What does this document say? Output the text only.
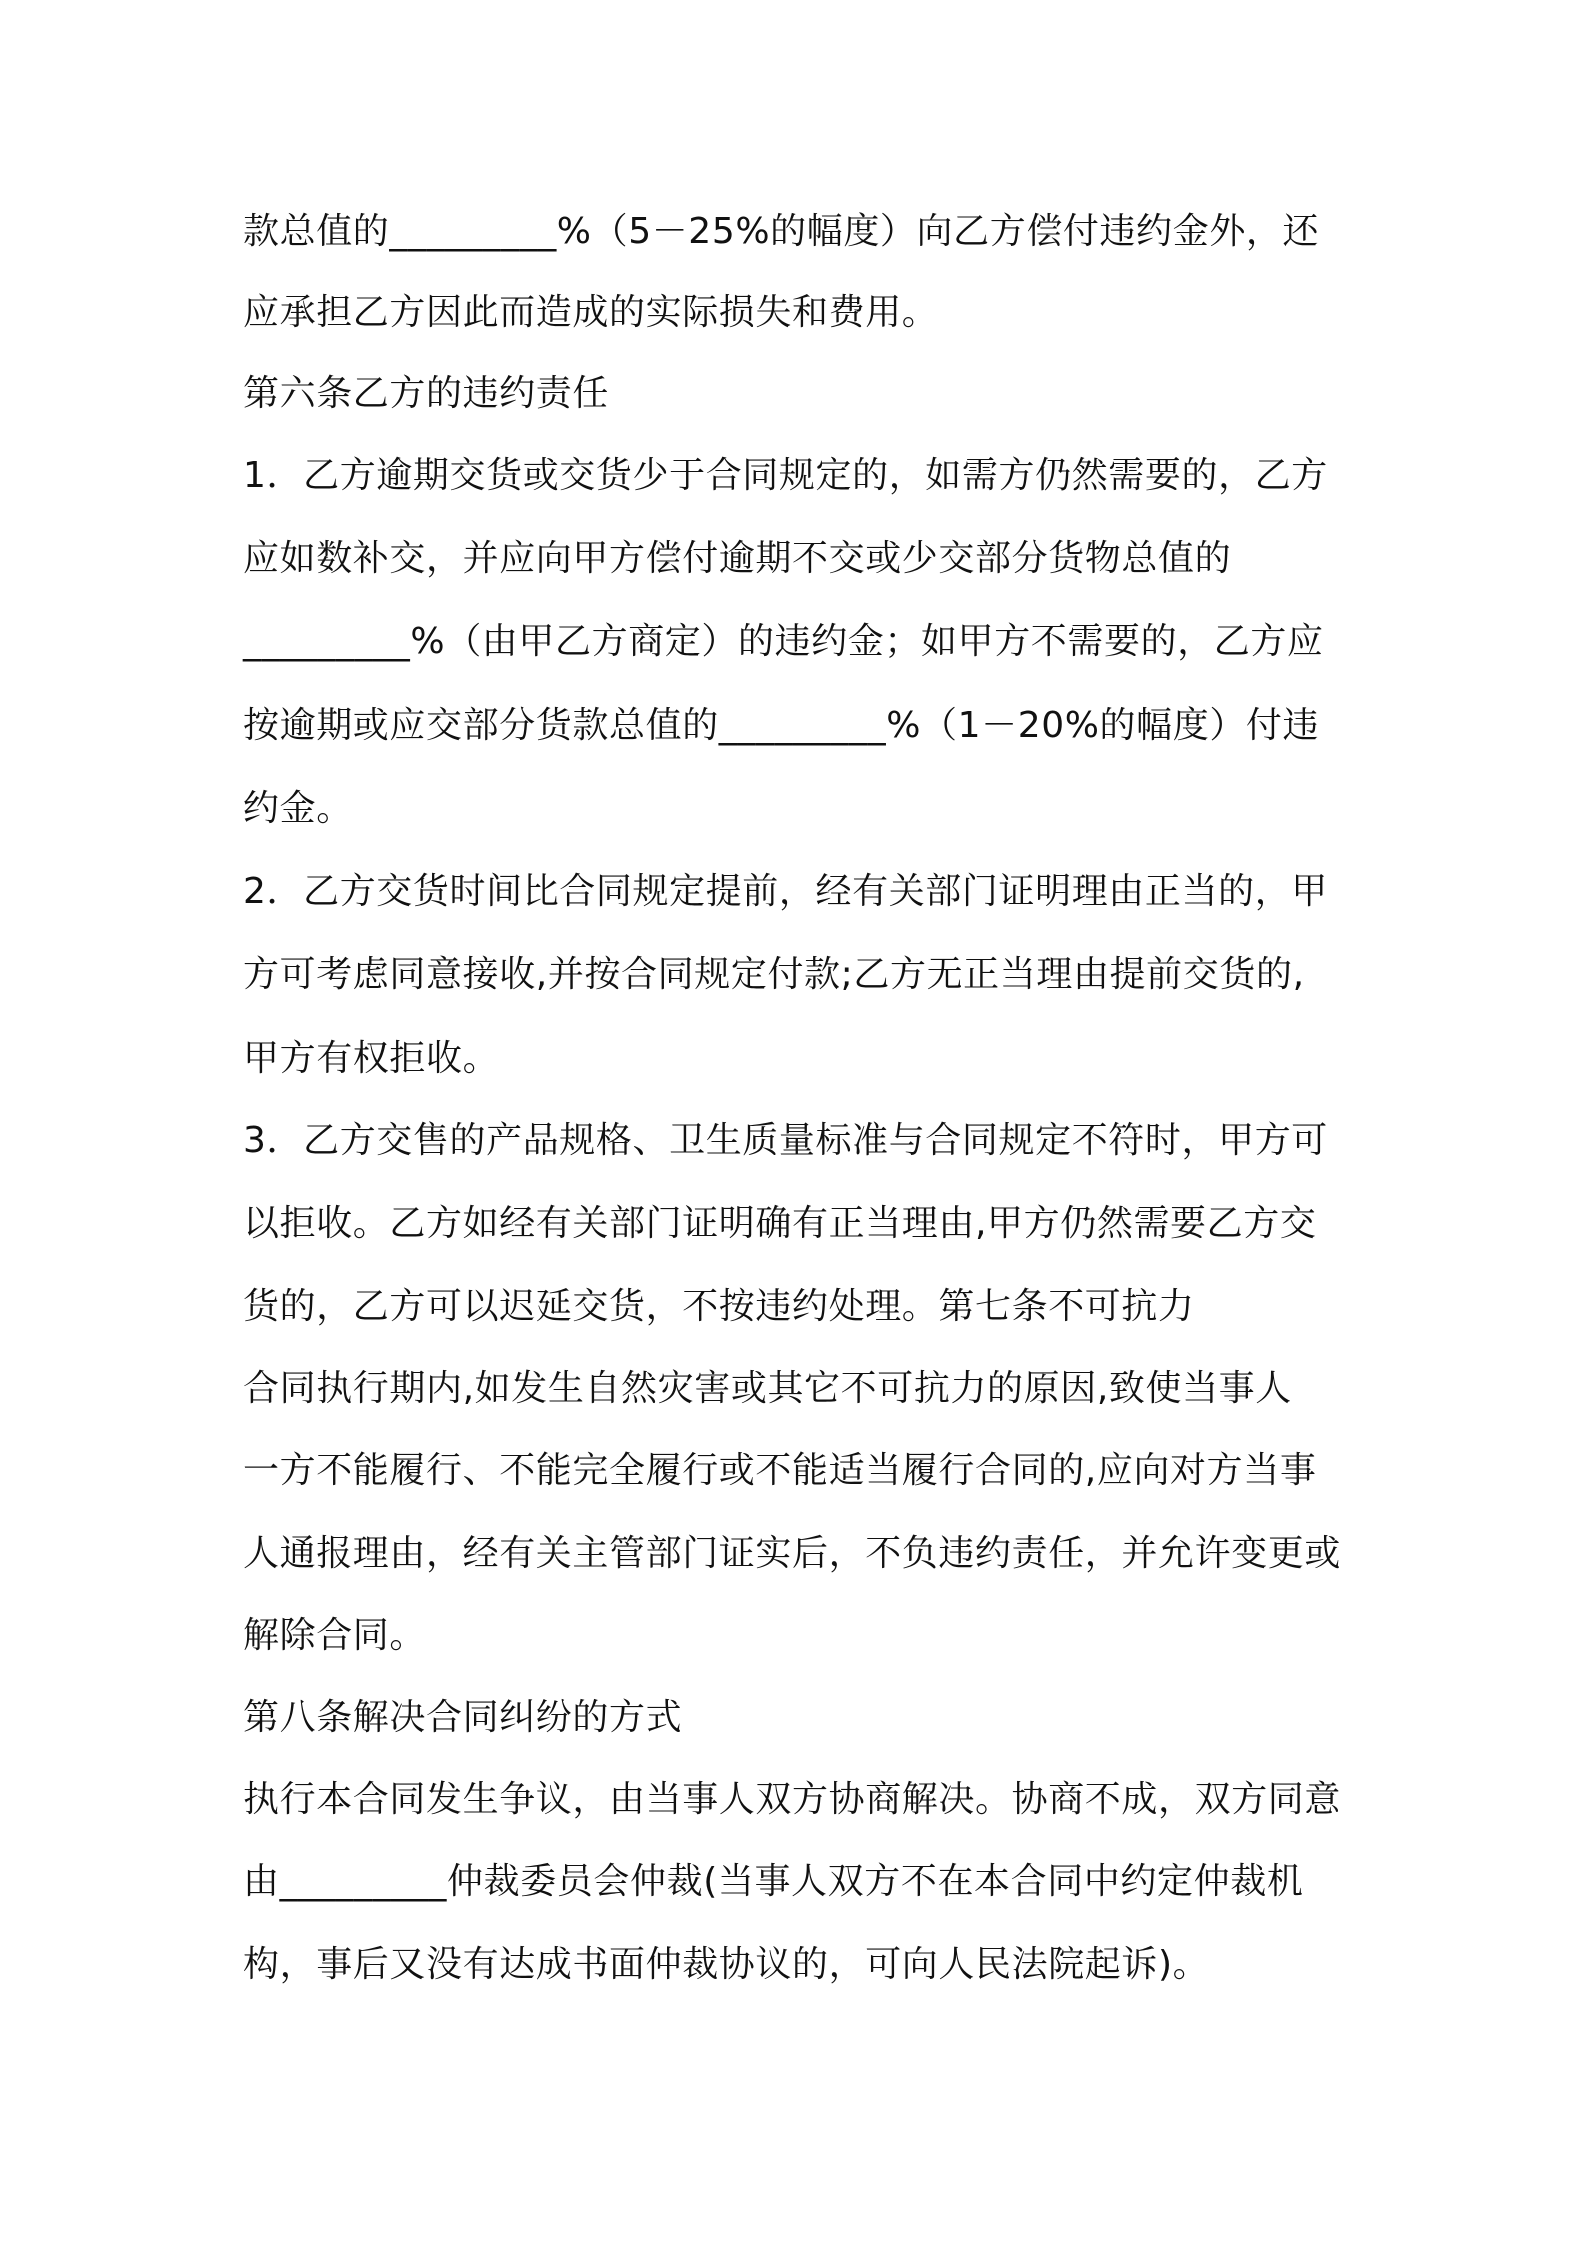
款总值的_________%（5－25%的幅度）向乙方偿付违约金外，还
应承担乙方因此而造成的实际损失和费用。
第六条乙方的违约责任
1．乙方逾期交货或交货少于合同规定的，如需方仍然需要的，乙方
应如数补交，并应向甲方偿付逾期不交或少交部分货物总值的
_________%（由甲乙方商定）的违约金；如甲方不需要的，乙方应
按逾期或应交部分货款总值的_________%（1－20%的幅度）付违
约金。
2．乙方交货时间比合同规定提前，经有关部门证明理由正当的，甲
方可考虑同意接收,并按合同规定付款;乙方无正当理由提前交货的,
甲方有权拒收。
3．乙方交售的产品规格、卫生质量标准与合同规定不符时，甲方可
以拒收。乙方如经有关部门证明确有正当理由,甲方仍然需要乙方交
货的，乙方可以迟延交货，不按违约处理。第七条不可抗力
合同执行期内,如发生自然灾害或其它不可抗力的原因,致使当事人
一方不能履行、不能完全履行或不能适当履行合同的,应向对方当事
人通报理由，经有关主管部门证实后，不负违约责任，并允许变更或
解除合同。
第八条解决合同纠纷的方式
执行本合同发生争议，由当事人双方协商解决。协商不成，双方同意
由_________仲裁委员会仲裁(当事人双方不在本合同中约定仲裁机
构，事后又没有达成书面仲裁协议的，可向人民法院起诉)。
